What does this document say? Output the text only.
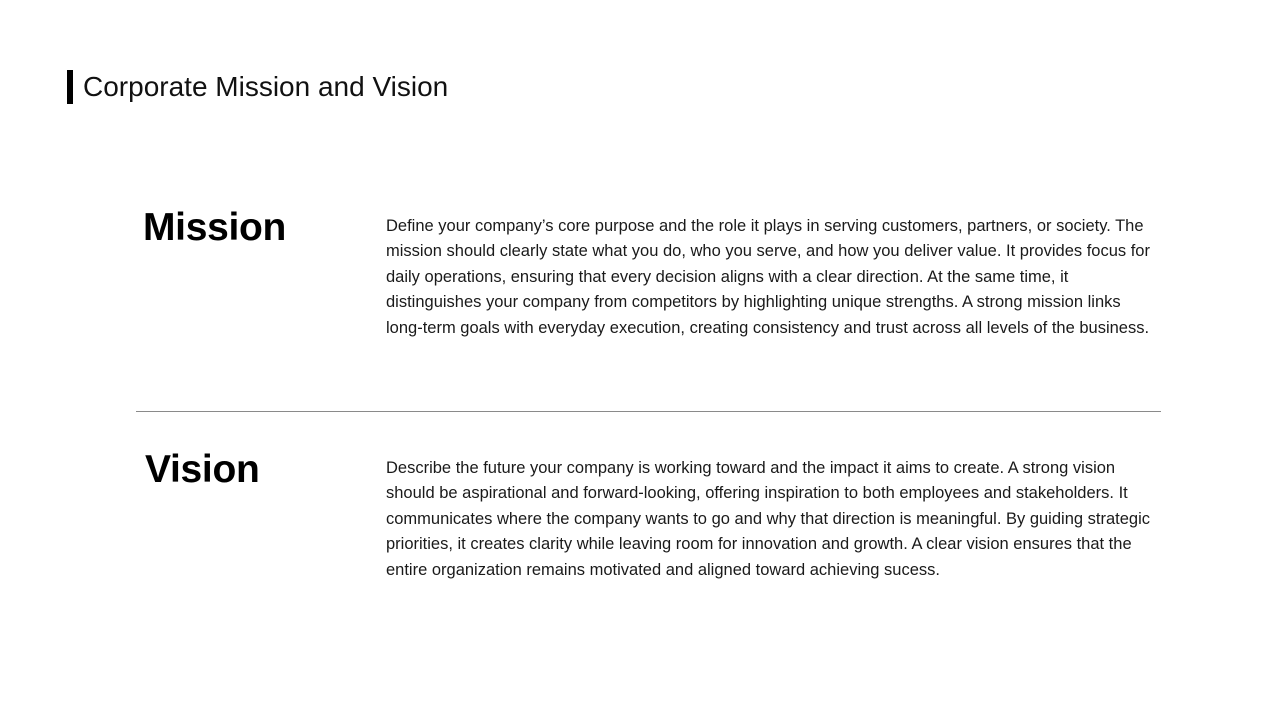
Corporate Mission and Vision
Mission	Define your company’s core purpose and the role it plays in serving customers, partners, or society. The mission should clearly state what you do, who you serve, and how you deliver value. It provides focus for daily operations, ensuring that every decision aligns with a clear direction. At the same time, it distinguishes your company from competitors by highlighting unique strengths. A strong mission links long-term goals with everyday execution, creating consistency and trust across all levels of the business.

Vision	Describe the future your company is working toward and the impact it aims to create. A strong vision should be aspirational and forward-looking, offering inspiration to both employees and stakeholders. It communicates where the company wants to go and why that direction is meaningful. By guiding strategic priorities, it creates clarity while leaving room for innovation and growth. A clear vision ensures that the entire organization remains motivated and aligned toward achieving sucess.
